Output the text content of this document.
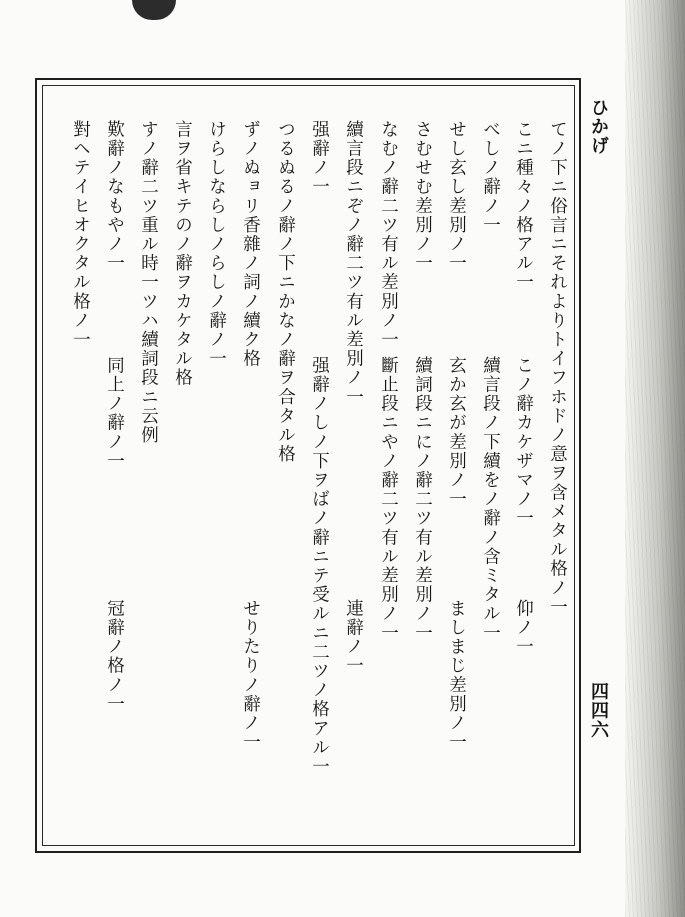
ひかげ
四四六
てノ下ニ俗言ニそれよりトイフホドノ意ヲ含メタル格ノ一
こニ種々ノ格アル一
こノ辭カケザマノ一
仰ノ一
べしノ辭ノ一
續言段ノ下續をノ辭ノ含ミタル一
せし玄し差別ノ一
玄か玄が差別ノ一
ましまじ差別ノ一
さむせむ差別ノ一
續詞段ニにノ辭二ツ有ル差別ノ一
なむノ辭二ツ有ル差別ノ一
斷止段ニやノ辭二ツ有ル差別ノ一
續言段ニぞノ辭二ツ有ル差別ノ一
連辭ノ一
强辭ノ一
强辭ノしノ下ヲばノ辭ニテ受ルニ二ツノ格アル一
つるぬるノ辭ノ下ニかなノ辭ヲ合タル格
ずノぬョリ香雜ノ詞ノ續ク格
せりたりノ辭ノ一
けらしならしノらしノ辭ノ一
言ヲ省キテのノ辭ヲカケタル格
すノ辭二ツ重ル時一ツハ續詞段ニ云例
歎辭ノなもやノ一
同上ノ辭ノ一
冠辭ノ格ノ一
對ヘテイヒオクタル格ノ一
